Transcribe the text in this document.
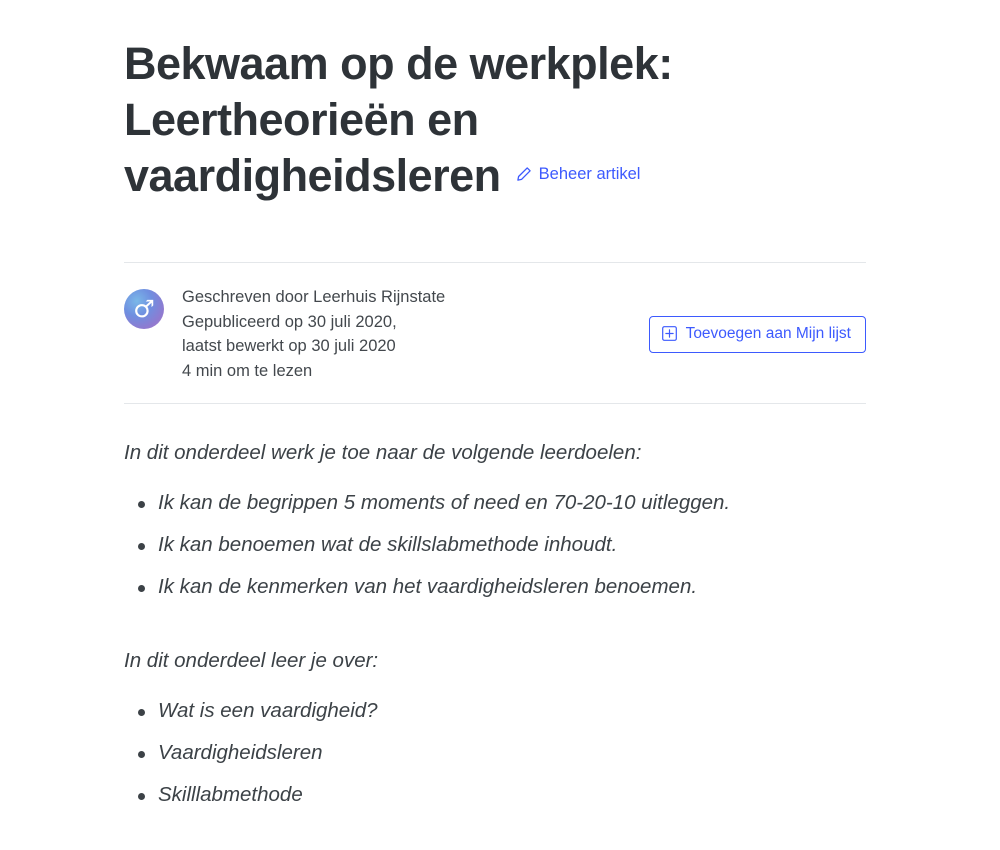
Bekwaam op de werkplek:
Leertheorieën en
vaardigheidsleren Beheer artikel
♂	Geschreven door Leerhuis Rijnstate
Gepubliceerd op 30 juli 2020,
laatst bewerkt op 30 juli 2020
4 min om te lezen
Toevoegen aan Mijn lijst

In dit onderdeel werk je toe naar de volgende leerdoelen:

Ik kan de begrippen 5 moments of need en 70-20-10 uitleggen.
Ik kan benoemen wat de skillslabmethode inhoudt.
Ik kan de kenmerken van het vaardigheidsleren benoemen.

In dit onderdeel leer je over:

Wat is een vaardigheid?
Vaardigheidsleren
Skilllabmethode
